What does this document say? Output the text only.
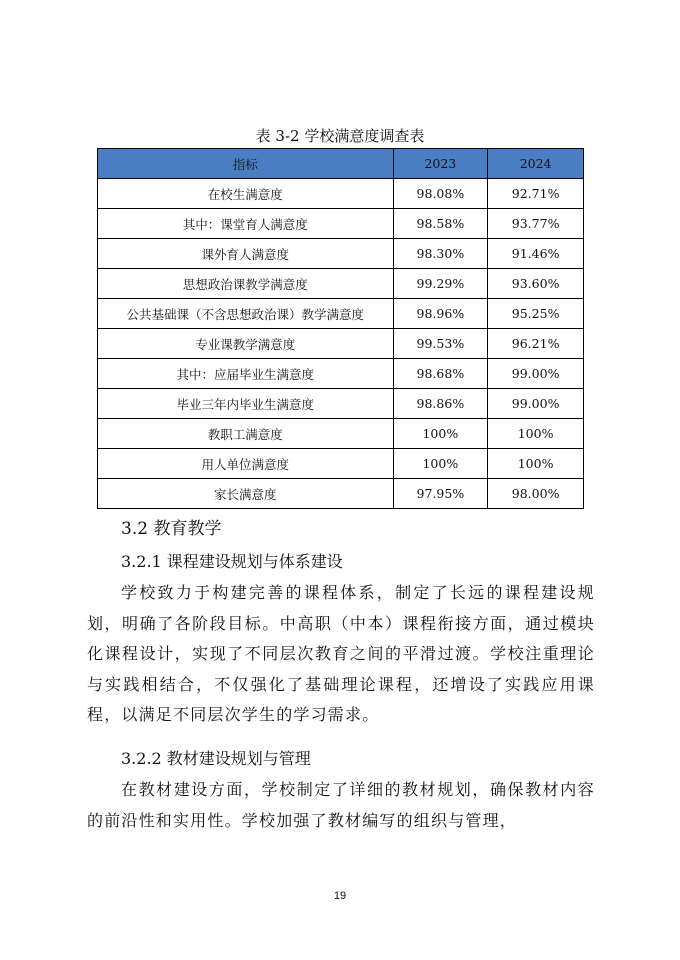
表 3-2 学校满意度调查表
指标	2023	2024
在校生满意度	98.08%	92.71%
其中：课堂育人满意度	98.58%	93.77%
课外育人满意度	98.30%	91.46%
思想政治课教学满意度	99.29%	93.60%
公共基础课（不含思想政治课）教学满意度	98.96%	95.25%
专业课教学满意度	99.53%	96.21%
其中：应届毕业生满意度	98.68%	99.00%
毕业三年内毕业生满意度	98.86%	99.00%
教职工满意度	100%	100%
用人单位满意度	100%	100%
家长满意度	97.95%	98.00%
3.2 教育教学
3.2.1 课程建设规划与体系建设

学校致力于构建完善的课程体系，制定了长远的课程建设规划，明确了各阶段目标。中高职（中本）课程衔接方面，通过模块化课程设计，实现了不同层次教育之间的平滑过渡。学校注重理论与实践相结合，不仅强化了基础理论课程，还增设了实践应用课程，以满足不同层次学生的学习需求。

3.2.2 教材建设规划与管理

在教材建设方面，学校制定了详细的教材规划，确保教材内容的前沿性和实用性。学校加强了教材编写的组织与管理，

19
